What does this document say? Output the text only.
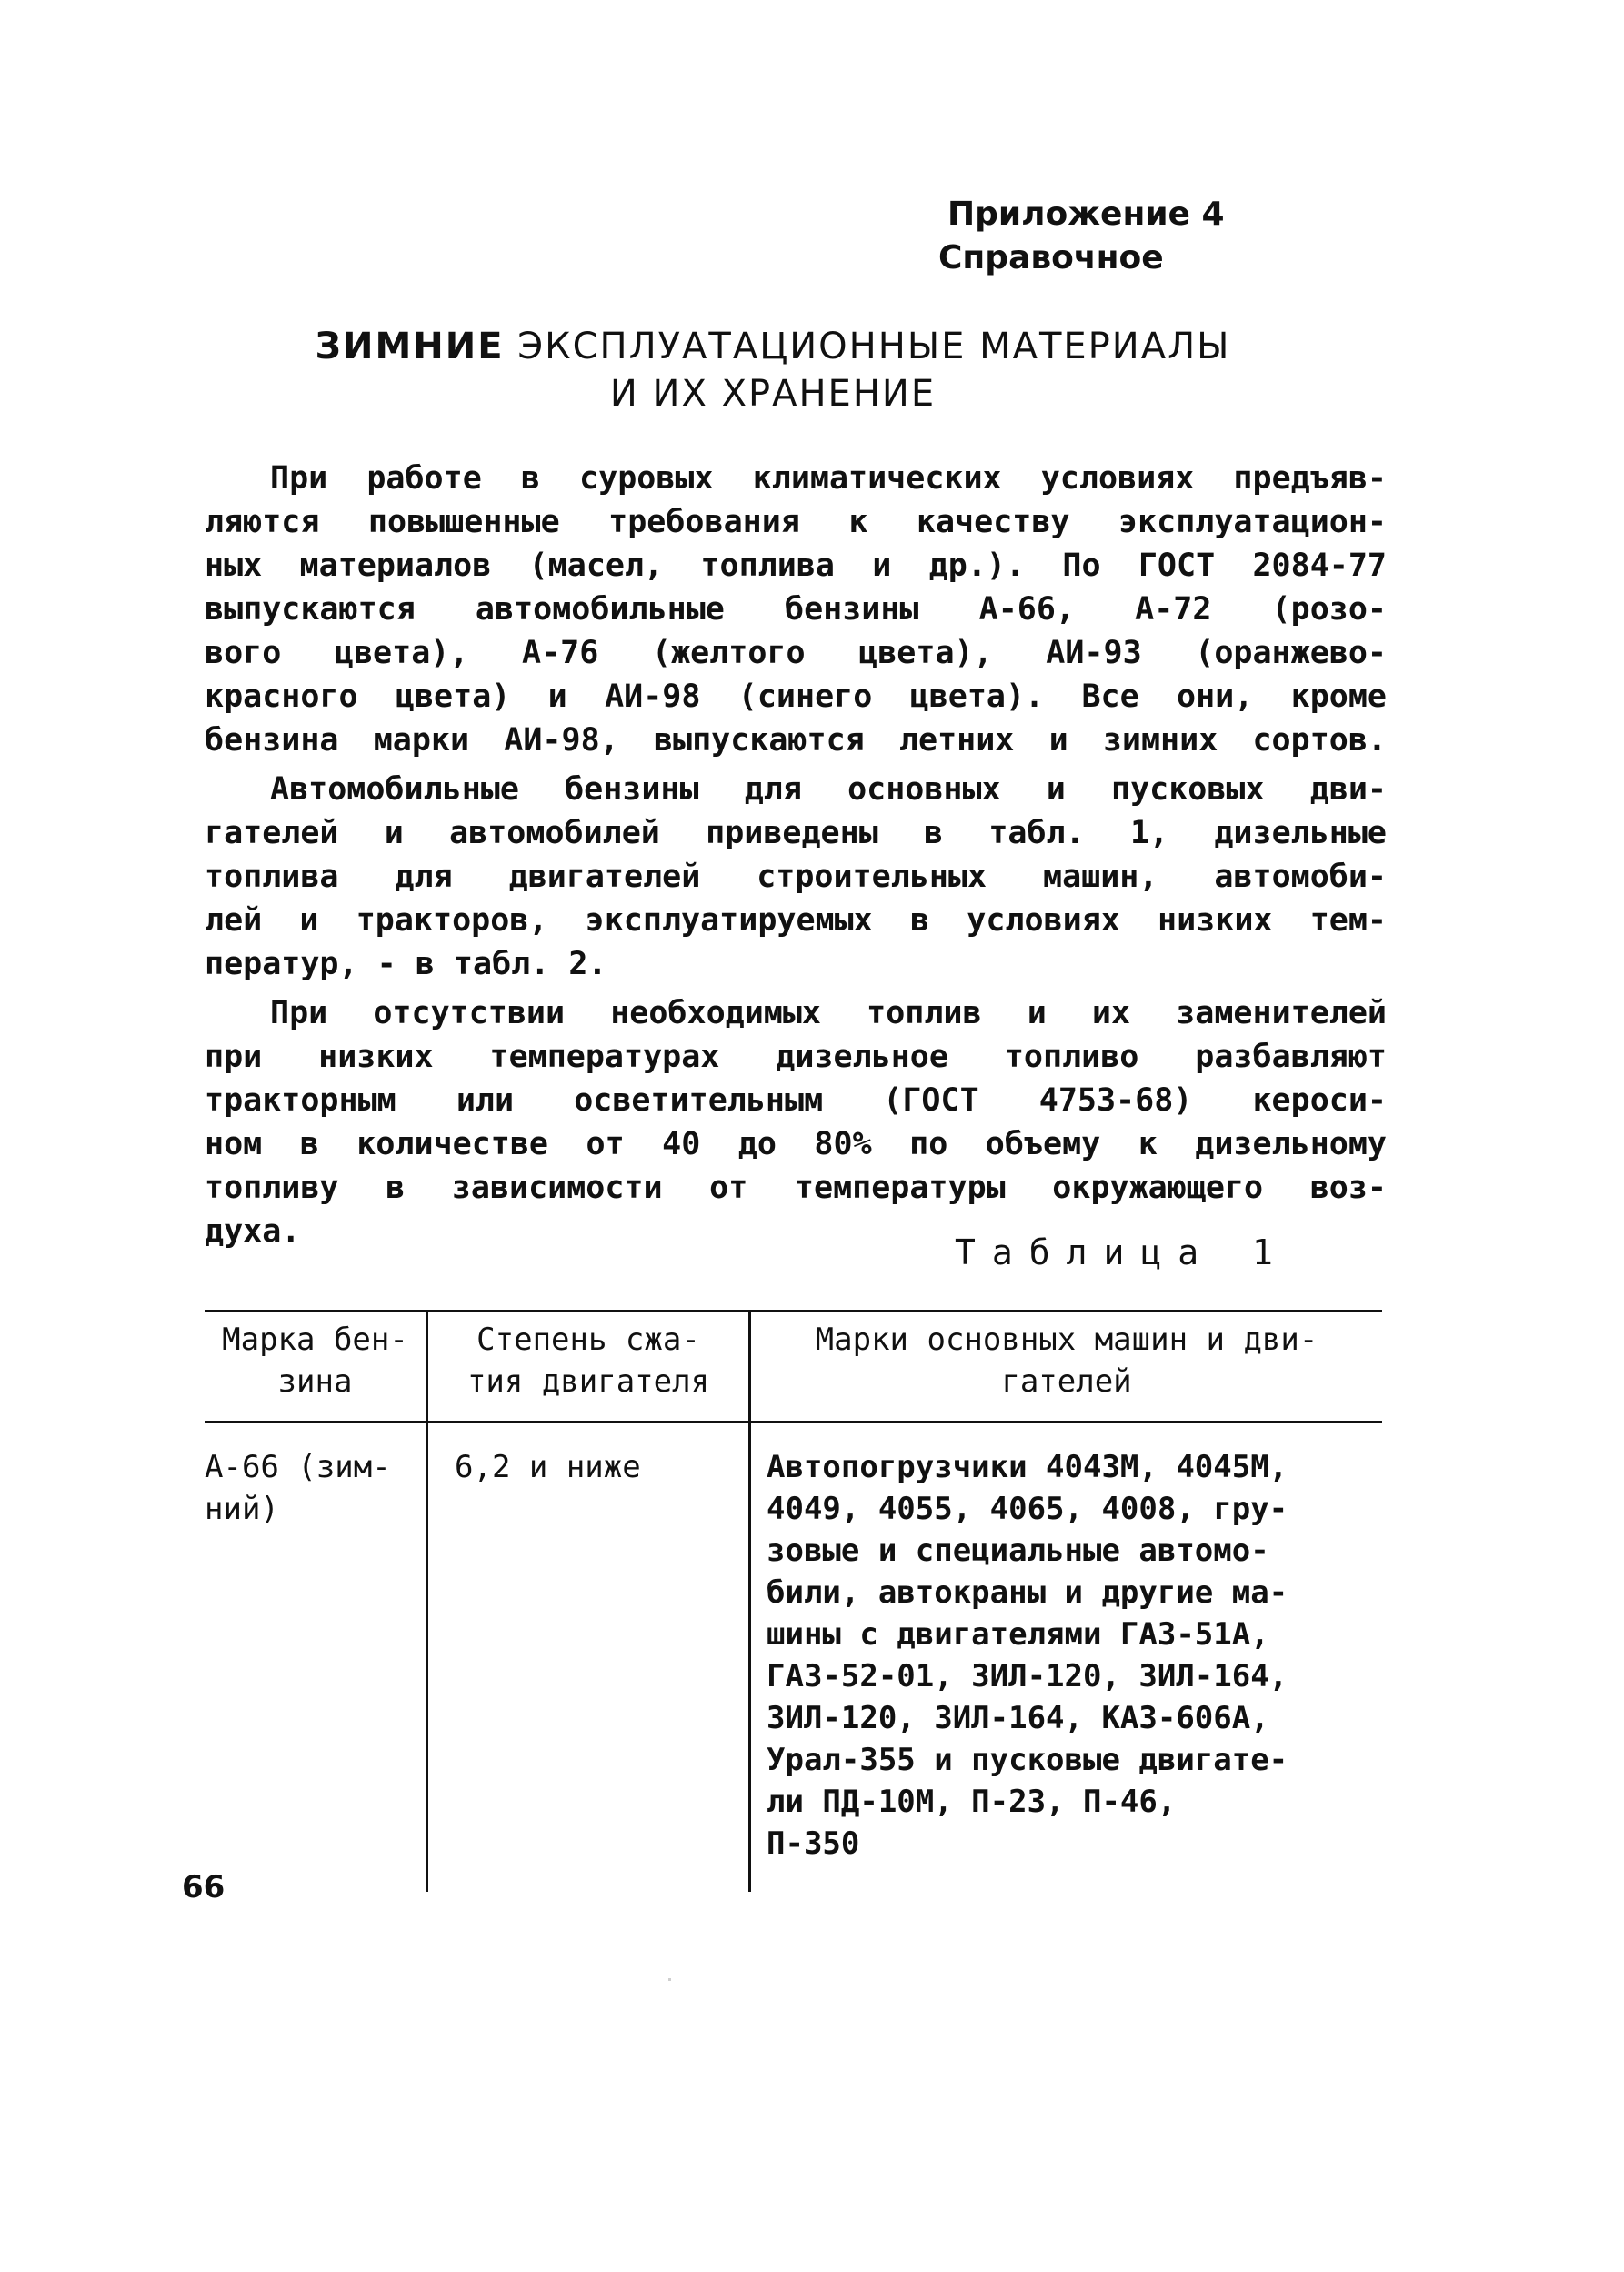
Приложение 4
Справочное
ЗИМНИЕ ЭКСПЛУАТАЦИОННЫЕ МАТЕРИАЛЫ
И ИХ ХРАНЕНИЕ

При работе в суровых климатических условиях предъяв-
ляются повышенные требования к качеству эксплуатацион-
ных материалов (масел, топлива и др.). По ГОСТ 2084-77
выпускаются автомобильные бензины А-66, А-72 (розо-
вого цвета), А-76 (желтого цвета), АИ-93 (оранжево-
красного цвета) и АИ-98 (синего цвета). Все они, кроме
бензина марки АИ-98, выпускаются летних и зимних сортов.

Автомобильные бензины для основных и пусковых дви-
гателей и автомобилей приведены в табл. 1, дизельные
топлива для двигателей строительных машин, автомоби-
лей и тракторов, эксплуатируемых в условиях низких тем-
ператур, - в табл. 2.

При отсутствии необходимых топлив и их заменителей
при низких температурах дизельное топливо разбавляют
тракторным или осветительным (ГОСТ 4753-68) кероси-
ном в количестве от 40 до 80% по объему к дизельному
топливу в зависимости от температуры окружающего воз-
духа.

Таблица 1
Марка бен-
зина
Степень сжа-
тия двигателя
Марки основных машин и дви-
гателей
А-66 (зим-
ний)
6,2 и ниже	Автопогрузчики 4043М, 4045М,
4049, 4055, 4065, 4008, гру-
зовые и специальные автомо-
били, автокраны и другие ма-
шины с двигателями ГАЗ-51А,
ГАЗ-52-01, ЗИЛ-120, ЗИЛ-164,
ЗИЛ-120, ЗИЛ-164, КАЗ-606А,
Урал-355 и пусковые двигате-
ли ПД-10М, П-23, П-46,
П-350
66
